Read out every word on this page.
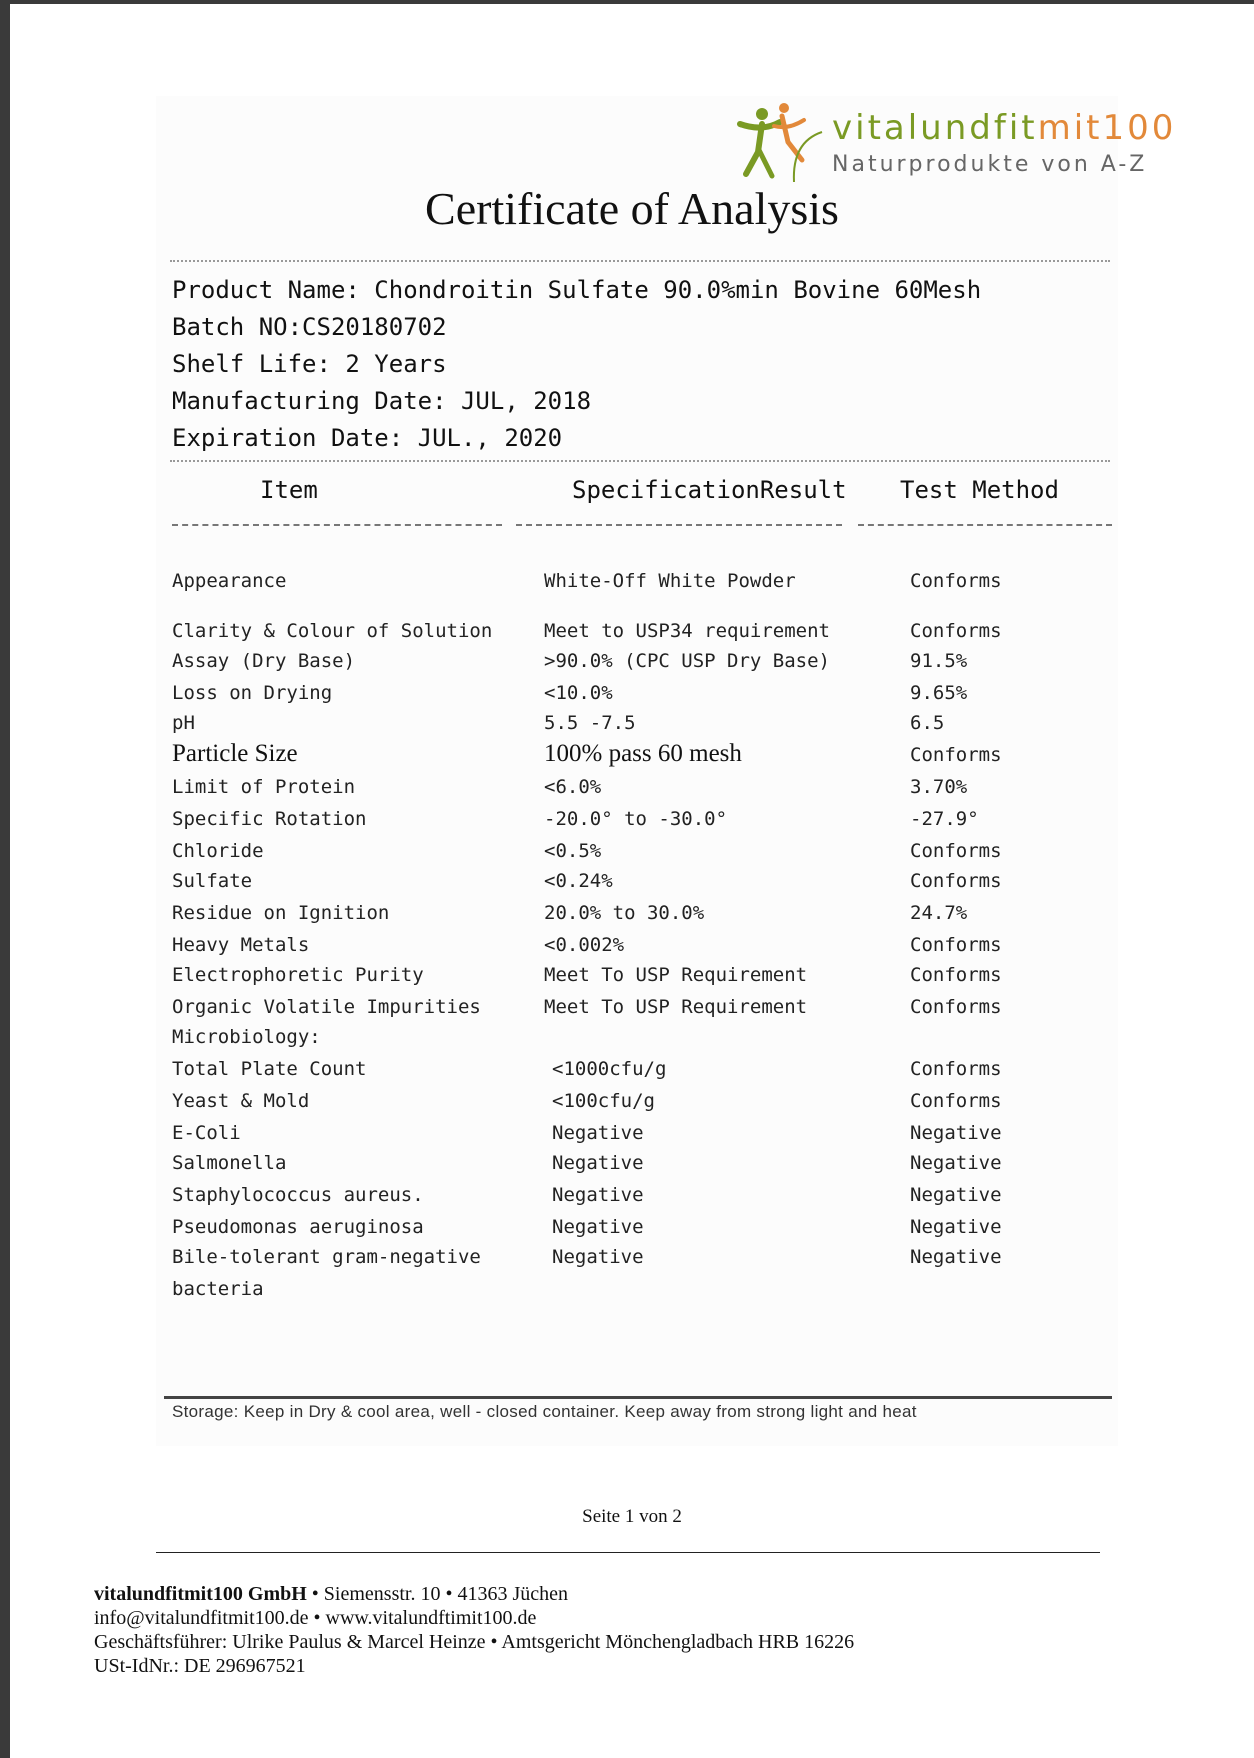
vitalundfitmit100
Naturprodukte von A-Z
Certificate of Analysis
Product Name: Chondroitin Sulfate 90.0%min Bovine 60Mesh
Batch NO:CS20180702
Shelf Life: 2 Years
Manufacturing Date: JUL, 2018
Expiration Date: JUL., 2020
Item	SpecificationResult Test Method
Appearance	White-Off White Powder	Conforms
Clarity & Colour of Solution	Meet to USP34 requirement	Conforms
Assay (Dry Base)	>90.0% (CPC USP Dry Base)	91.5%
Loss on Drying	<10.0%	9.65%
pH	5.5 -7.5	6.5
Particle Size	100% pass 60 mesh	Conforms
Limit of Protein	<6.0%	3.70%
Specific Rotation	-20.0° to -30.0°	-27.9°
Chloride	<0.5%	Conforms
Sulfate	<0.24%	Conforms
Residue on Ignition	20.0% to 30.0%	24.7%
Heavy Metals	<0.002%	Conforms
Electrophoretic Purity	Meet To USP Requirement	Conforms
Organic Volatile Impurities	Meet To USP Requirement	Conforms
Microbiology:
Total Plate Count	<1000cfu/g	Conforms
Yeast & Mold	<100cfu/g	Conforms
E-Coli	Negative	Negative
Salmonella	Negative	Negative
Staphylococcus aureus.	Negative	Negative
Pseudomonas aeruginosa	Negative	Negative
Bile-tolerant gram-negative	Negative	Negative
bacteria
Storage: Keep in Dry & cool area, well - closed container. Keep away from strong light and heat
Seite 1 von 2
vitalundfitmit100 GmbH • Siemensstr. 10 • 41363 Jüchen
info@vitalundfitmit100.de • www.vitalundftimit100.de
Geschäftsführer: Ulrike Paulus & Marcel Heinze • Amtsgericht Mönchengladbach HRB 16226
USt-IdNr.: DE 296967521
